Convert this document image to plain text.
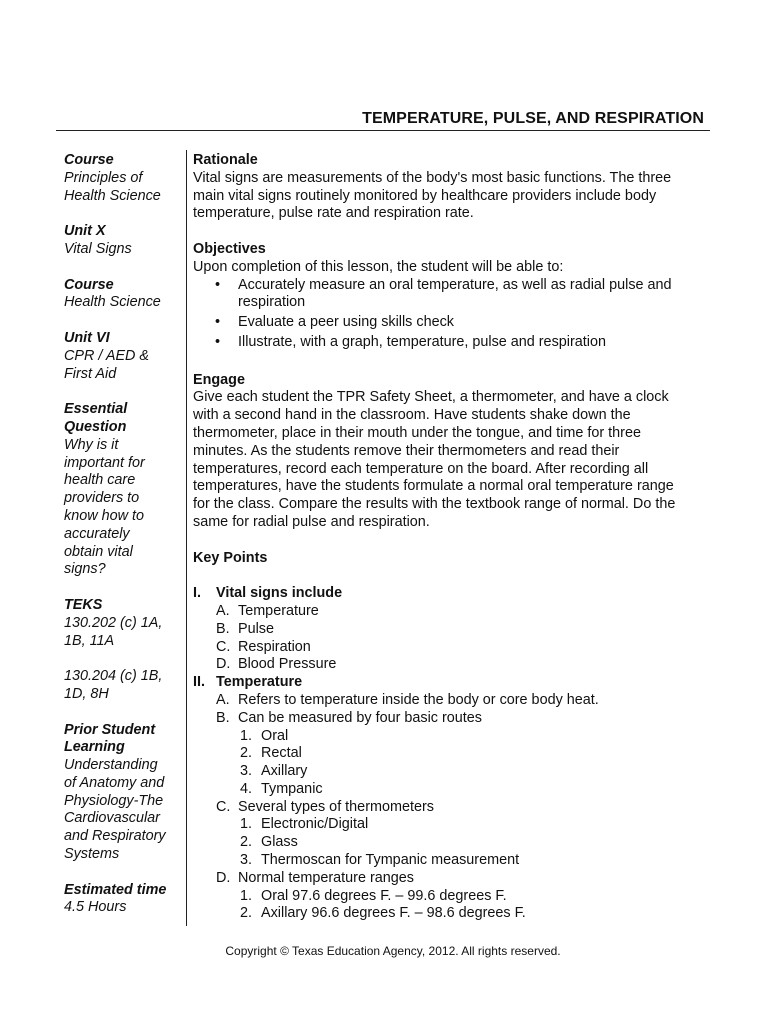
TEMPERATURE, PULSE, AND RESPIRATION
Course
Principles of
Health Science
Unit X
Vital Signs
Course
Health Science
Unit VI
CPR / AED &
First Aid
Essential
Question
Why is it
important for
health care
providers to
know how to
accurately
obtain vital
signs?
TEKS
130.202 (c) 1A,
1B, 11A
130.204 (c) 1B,
1D, 8H
Prior Student
Learning
Understanding
of Anatomy and
Physiology-The
Cardiovascular
and Respiratory
Systems
Estimated time
4.5 Hours
Rationale
Vital signs are measurements of the body's most basic functions. The three
main vital signs routinely monitored by healthcare providers include body
temperature, pulse rate and respiration rate.
Objectives
Upon completion of this lesson, the student will be able to:
• Accurately measure an oral temperature, as well as radial pulse and
respiration
• Evaluate a peer using skills check
• Illustrate, with a graph, temperature, pulse and respiration
Engage
Give each student the TPR Safety Sheet, a thermometer, and have a clock
with a second hand in the classroom. Have students shake down the
thermometer, place in their mouth under the tongue, and time for three
minutes. As the students remove their thermometers and read their
temperatures, record each temperature on the board. After recording all
temperatures, have the students formulate a normal oral temperature range
for the class. Compare the results with the textbook range of normal. Do the
same for radial pulse and respiration.
Key Points
I. Vital signs include
A. Temperature
B. Pulse
C. Respiration
D. Blood Pressure
II. Temperature
A. Refers to temperature inside the body or core body heat.
B. Can be measured by four basic routes
1. Oral
2. Rectal
3. Axillary
4. Tympanic
C. Several types of thermometers
1. Electronic/Digital
2. Glass
3. Thermoscan for Tympanic measurement
D. Normal temperature ranges
1. Oral 97.6 degrees F. – 99.6 degrees F.
2. Axillary 96.6 degrees F. – 98.6 degrees F.
Copyright © Texas Education Agency, 2012. All rights reserved.
